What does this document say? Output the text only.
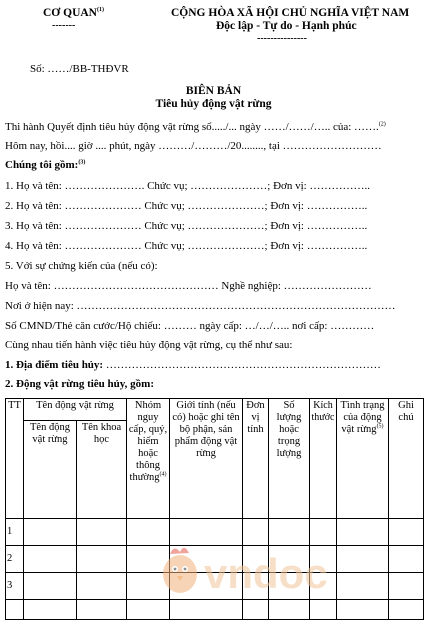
CƠ QUAN$^{(1)}$
-------
CỘNG HÒA XÃ HỘI CHỦ NGHĨA VIỆT NAM
Độc lập - Tự do - Hạnh phúc
---------------
Số: ……/BB-THĐVR
BIÊN BẢN
Tiêu hủy động vật rừng
Thi hành Quyết định tiêu hủy động vật rừng số...../... ngày ……/……/….. của: …….$^{(2)}$
Hôm nay, hồi.... giờ .... phút, ngày ………/………/20........, tại ………………………
Chúng tôi gồm:$^{(3)}$
1. Họ và tên: …………………. Chức vụ; …………………; Đơn vị: ……………..
2. Họ và tên: ………………… Chức vụ; …………………; Đơn vị: ……………..
3. Họ và tên: ………………… Chức vụ; …………………; Đơn vị: ……………..
4. Họ và tên: ………………… Chức vụ; …………………; Đơn vị: ……………..
5. Với sự chứng kiến của (nếu có):
Họ và tên: ……………………………………… Nghề nghiệp: ……………………
Nơi ở hiện nay: ……………………………………………………………………………
Số CMND/Thẻ căn cước/Hộ chiếu: ……… ngày cấp: …/…/….. nơi cấp: …………
Cùng nhau tiến hành việc tiêu hủy động vật rừng, cụ thể như sau:
1. Địa điểm tiêu hủy: …………………………………………………………………
2. Động vật rừng tiêu hủy, gồm:
TT	Tên động vật rừng		Nhóm nguy cấp, quý, hiếm hoặc thông thường$^{(4)}$	Giới tính (nếu có) hoặc ghi tên bộ phận, sản phẩm động vật rừng	Đơn vị tính	Số lượng hoặc trọng lượng	Kích thước	Tình trạng của động vật rừng$^{(5)}$	Ghi chú
	Tên động vật rừng	Tên khoa học							
1									
2									
3									
										vndoc
